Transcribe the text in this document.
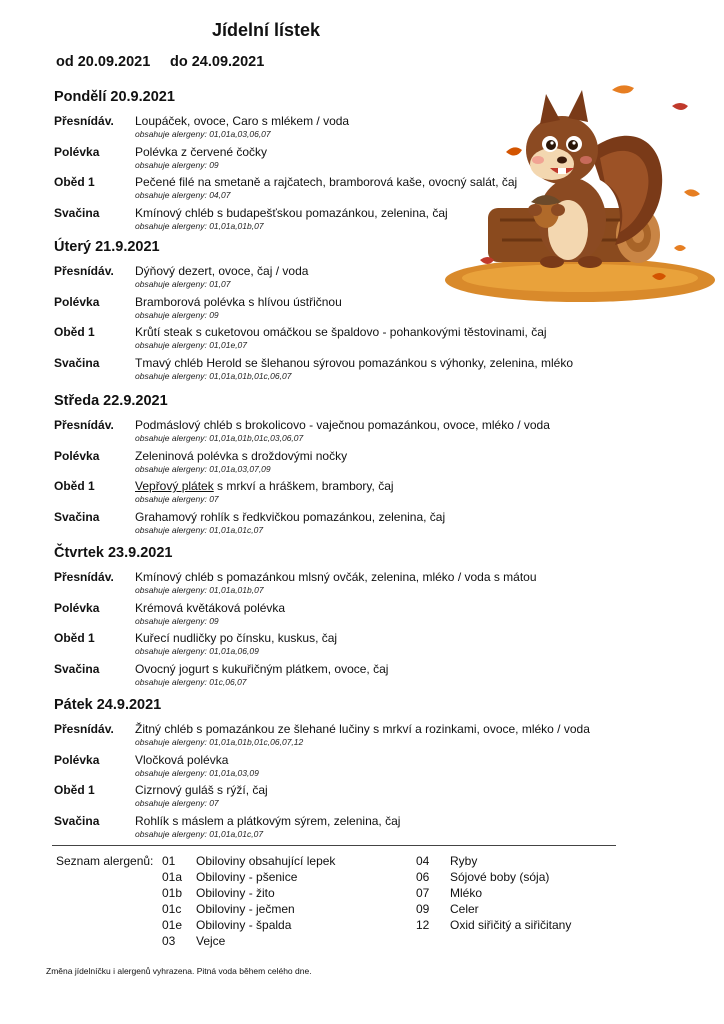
Jídelní lístek
od 20.09.2021 do 24.09.2021
Pondělí 20.9.2021
Přesnídáv. Loupáček, ovoce, Caro s mlékem / voda
obsahuje alergeny: 01,01a,03,06,07
Polévka	Polévka z červené čočky
obsahuje alergeny: 09
Oběd 1	Pečené filé na smetaně a rajčatech, bramborová kaše, ovocný salát, čaj
obsahuje alergeny: 04,07
Svačina	Kmínový chléb s budapešťskou pomazánkou, zelenina, čaj
obsahuje alergeny: 01,01a,01b,07
Úterý 21.9.2021
Přesnídáv. Dýňový dezert, ovoce, čaj / voda
obsahuje alergeny: 01,07
Polévka	Bramborová polévka s hlívou ústřičnou
obsahuje alergeny: 09
Oběd 1	Krůtí steak s cuketovou omáčkou se špaldovo - pohankovými těstovinami, čaj
obsahuje alergeny: 01,01e,07
Svačina	Tmavý chléb Herold se šlehanou sýrovou pomazánkou s výhonky, zelenina, mléko
obsahuje alergeny: 01,01a,01b,01c,06,07
Středa 22.9.2021
Přesnídáv. Podmáslový chléb s brokolicovo - vaječnou pomazánkou, ovoce, mléko / voda
obsahuje alergeny: 01,01a,01b,01c,03,06,07
Polévka	Zeleninová polévka s droždovými nočky
obsahuje alergeny: 01,01a,03,07,09
Oběd 1	Vepřový plátek s mrkví a hráškem, brambory, čaj
obsahuje alergeny: 07
Svačina	Grahamový rohlík s ředkvičkou pomazánkou, zelenina, čaj
obsahuje alergeny: 01,01a,01c,07
Čtvrtek 23.9.2021
Přesnídáv. Kmínový chléb s pomazánkou mlsný ovčák, zelenina, mléko / voda s mátou
obsahuje alergeny: 01,01a,01b,07
Polévka	Krémová květáková polévka
obsahuje alergeny: 09
Oběd 1	Kuřecí nudličky po čínsku, kuskus, čaj
obsahuje alergeny: 01,01a,06,09
Svačina	Ovocný jogurt s kukuřičným plátkem, ovoce, čaj
obsahuje alergeny: 01c,06,07
Pátek 24.9.2021
Přesnídáv. Žitný chléb s pomazánkou ze šlehané lučiny s mrkví a rozinkami, ovoce, mléko / voda
obsahuje alergeny: 01,01a,01b,01c,06,07,12
Polévka	Vločková polévka
obsahuje alergeny: 01,01a,03,09
Oběd 1	Cizrnový guláš s rýží, čaj
obsahuje alergeny: 07
Svačina	Rohlík s máslem a plátkovým sýrem, zelenina, čaj
obsahuje alergeny: 01,01a,01c,07
Seznam alergenů: 01 Obiloviny obsahující lepek
01a Obiloviny - pšenice
01b Obiloviny - žito
01c Obiloviny - ječmen
01e Obiloviny - špalda
03 Vejce
04 Ryby
06 Sójové boby (sója)
07 Mléko
09 Celer
12 Oxid siřičitý a siřičitany
Změna jídelníčku i alergenů vyhrazena. Pitná voda během celého dne.
